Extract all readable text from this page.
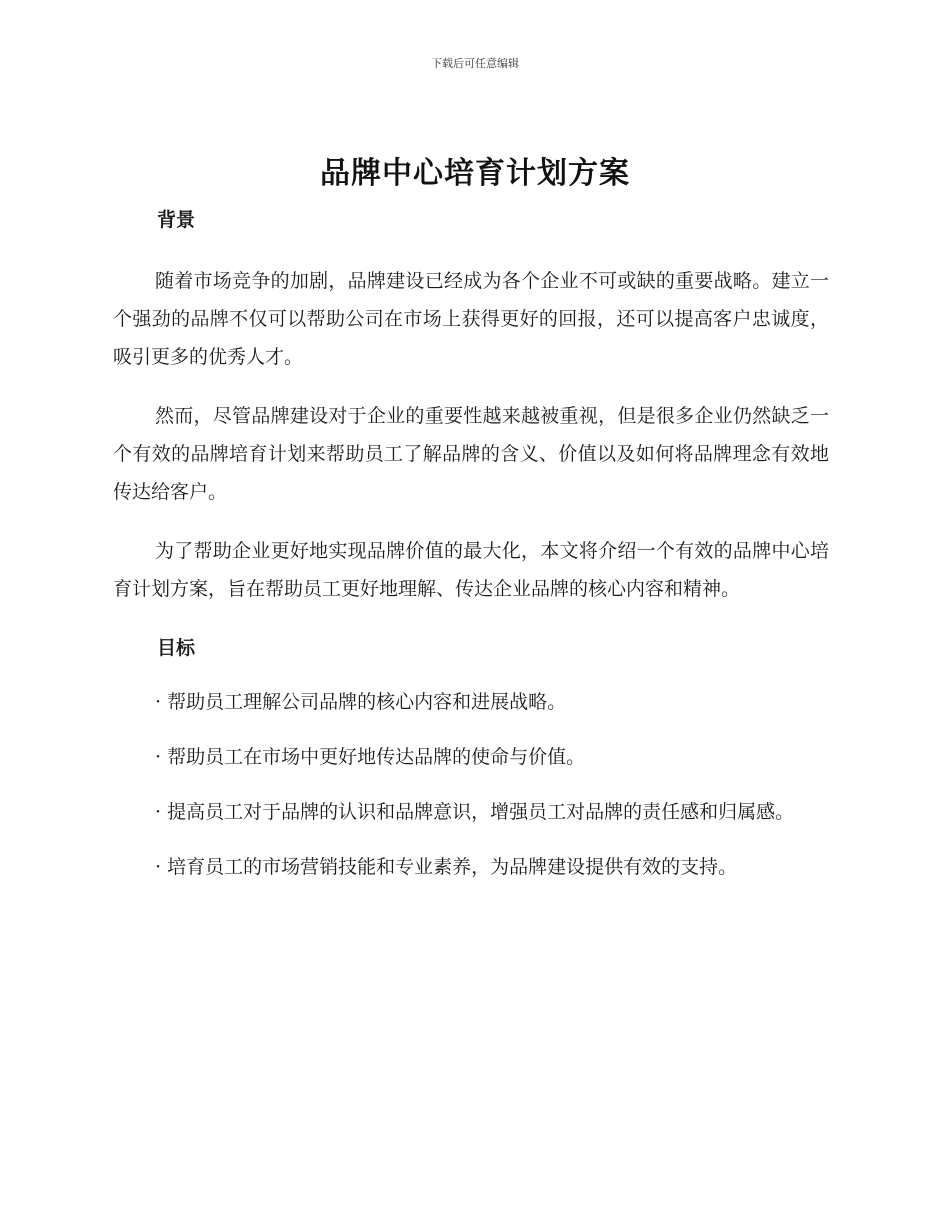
下载后可任意编辑
品牌中心培育计划方案
背景

随着市场竞争的加剧，品牌建设已经成为各个企业不可或缺的重要战略。建立一个强劲的品牌不仅可以帮助公司在市场上获得更好的回报，还可以提高客户忠诚度，吸引更多的优秀人才。

然而，尽管品牌建设对于企业的重要性越来越被重视，但是很多企业仍然缺乏一个有效的品牌培育计划来帮助员工了解品牌的含义、价值以及如何将品牌理念有效地传达给客户。

为了帮助企业更好地实现品牌价值的最大化，本文将介绍一个有效的品牌中心培育计划方案，旨在帮助员工更好地理解、传达企业品牌的核心内容和精神。

目标

· 帮助员工理解公司品牌的核心内容和进展战略。

· 帮助员工在市场中更好地传达品牌的使命与价值。

· 提高员工对于品牌的认识和品牌意识，增强员工对品牌的责任感和归属感。

· 培育员工的市场营销技能和专业素养，为品牌建设提供有效的支持。
